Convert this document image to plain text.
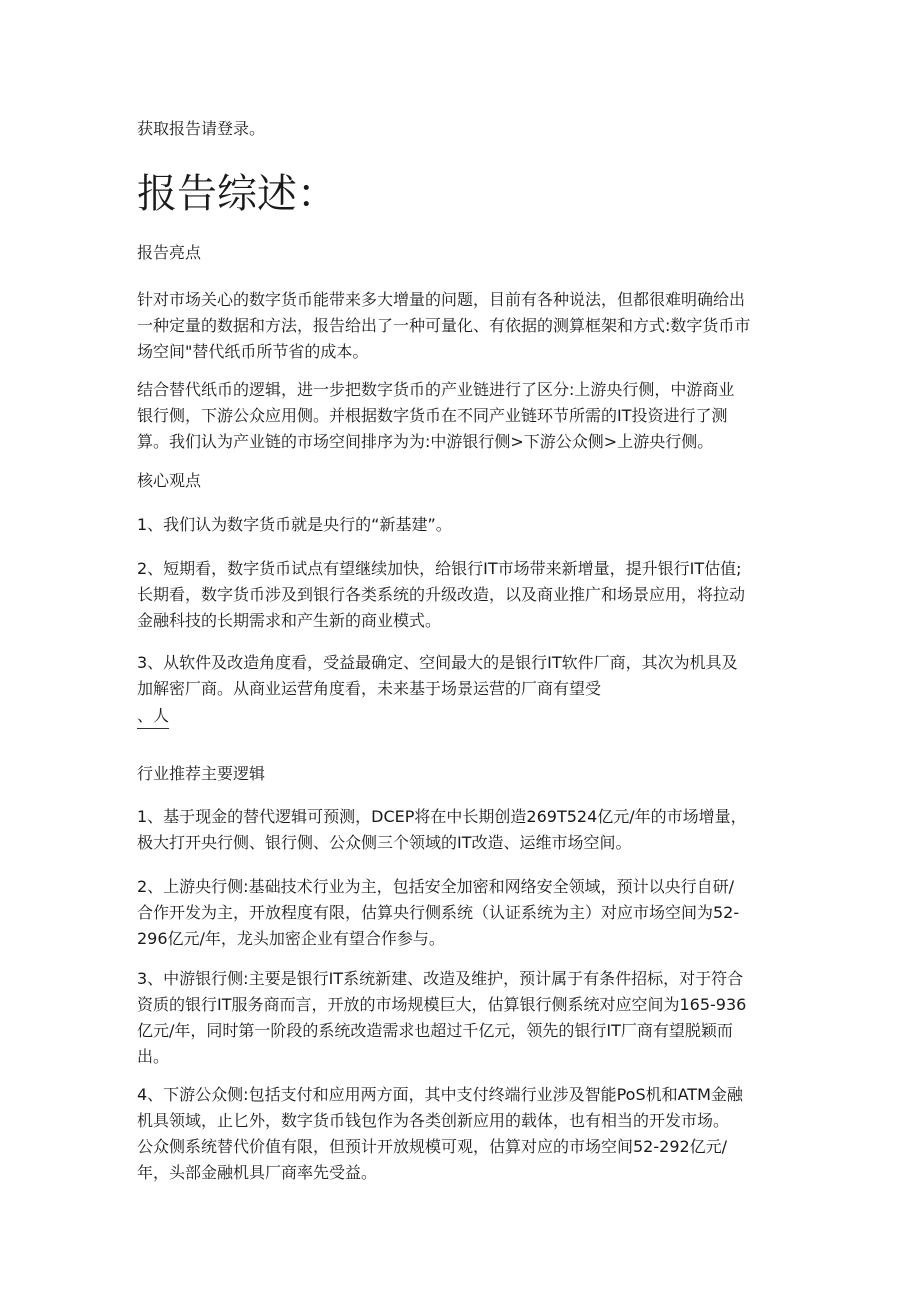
获取报告请登录。
报告综述：
报告亮点

针对市场关心的数字货币能带来多大增量的问题，目前有各种说法，但都很难明确给出
一种定量的数据和方法，报告给出了一种可量化、有依据的测算框架和方式:数字货币市
场空间"替代纸币所节省的成本。

结合替代纸币的逻辑，进一步把数字货币的产业链进行了区分:上游央行侧，中游商业
银行侧，下游公众应用侧。并根据数字货币在不同产业链环节所需的IT投资进行了测
算。我们认为产业链的市场空间排序为为:中游银行侧>下游公众侧>上游央行侧。

核心观点

1、我们认为数字货币就是央行的“新基建”。

2、短期看，数字货币试点有望继续加快，给银行IT市场带来新增量，提升银行IT估值;
长期看，数字货币涉及到银行各类系统的升级改造，以及商业推广和场景应用，将拉动
金融科技的长期需求和产生新的商业模式。

3、从软件及改造角度看，受益最确定、空间最大的是银行IT软件厂商，其次为机具及
加解密厂商。从商业运营角度看，未来基于场景运营的厂商有望受

、人
行业推荐主要逻辑

1、基于现金的替代逻辑可预测，DCEP将在中长期创造269T524亿元/年的市场增量，
极大打开央行侧、银行侧、公众侧三个领域的IT改造、运维市场空间。

2、上游央行侧:基础技术行业为主，包括安全加密和网络安全领域，预计以央行自研/
合作开发为主，开放程度有限，估算央行侧系统（认证系统为主）对应市场空间为52-
296亿元/年，龙头加密企业有望合作参与。

3、中游银行侧:主要是银行IT系统新建、改造及维护，预计属于有条件招标，对于符合
资质的银行IT服务商而言，开放的市场规模巨大，估算银行侧系统对应空间为165-936
亿元/年，同时第一阶段的系统改造需求也超过千亿元，领先的银行IT厂商有望脱颖而
出。

4、下游公众侧:包括支付和应用两方面，其中支付终端行业涉及智能PoS机和ATM金融
机具领域，止匕外，数字货币钱包作为各类创新应用的载体，也有相当的开发市场。
公众侧系统替代价值有限，但预计开放规模可观，估算对应的市场空间52-292亿元/
年，头部金融机具厂商率先受益。
